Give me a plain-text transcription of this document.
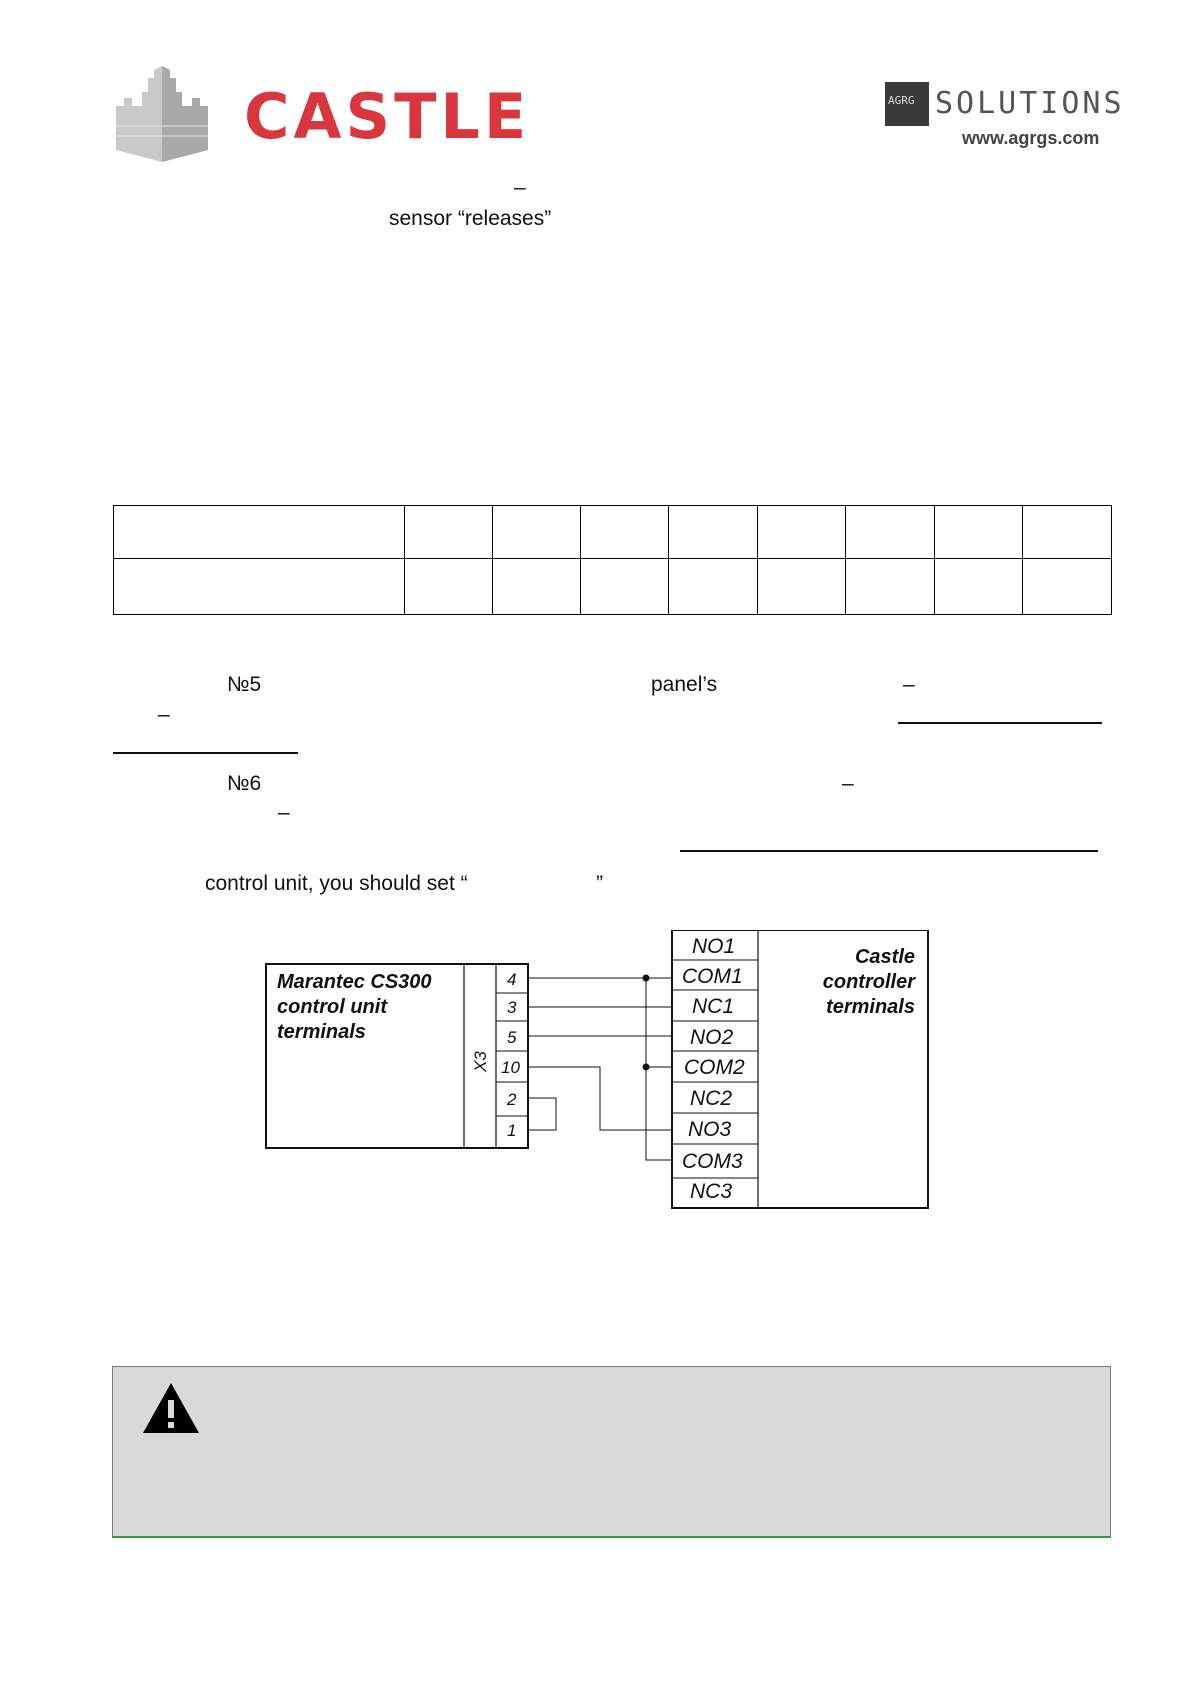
CASTLE	AGRG SOLUTIONS
www.agrgs.com
–
sensor “releases”

№5	panel’s	–
–
№6	–
–
control unit, you should set “	”
Marantec CS300
control unit
terminals
X3
4
3
5
10
2
1
NO1
COM1
NC1
NO2
COM2
NC2
NO3
COM3
NC3
Castle
controller
terminals
